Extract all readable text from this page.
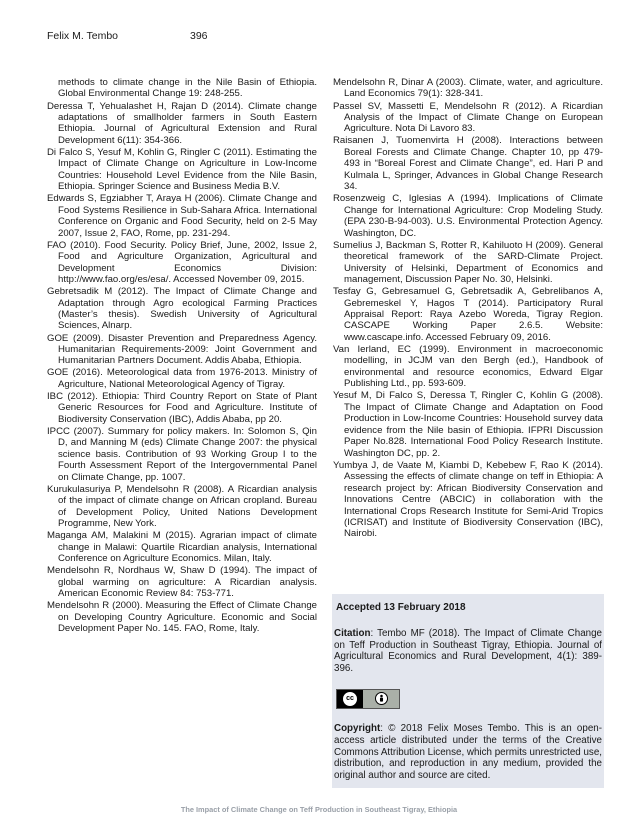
Felix M. Tembo	396

methods to climate change in the Nile Basin of Ethiopia. Global Environmental Change 19: 248-255.

Deressa T, Yehualashet H, Rajan D (2014). Climate change adaptations of smallholder farmers in South Eastern Ethiopia. Journal of Agricultural Extension and Rural Development 6(11): 354-366.

Di Falco S, Yesuf M, Kohlin G, Ringler C (2011). Estimating the Impact of Climate Change on Agriculture in Low-Income Countries: Household Level Evidence from the Nile Basin, Ethiopia. Springer Science and Business Media B.V.

Edwards S, Egziabher T, Araya H (2006). Climate Change and Food Systems Resilience in Sub-Sahara Africa. International Conference on Organic and Food Security, held on 2-5 May 2007, Issue 2, FAO, Rome, pp. 231-294.

FAO (2010). Food Security. Policy Brief, June, 2002, Issue 2, Food and Agriculture Organization, Agricultural and Development Economics Division: http://www.fao.org/es/esa/. Accessed November 09, 2015.

Gebretsadik M (2012). The Impact of Climate Change and Adaptation through Agro ecological Farming Practices (Master’s thesis). Swedish University of Agricultural Sciences, Alnarp.

GOE (2009). Disaster Prevention and Preparedness Agency. Humanitarian Requirements-2009: Joint Government and Humanitarian Partners Document. Addis Ababa, Ethiopia.

GOE (2016). Meteorological data from 1976-2013. Ministry of Agriculture, National Meteorological Agency of Tigray.

IBC (2012). Ethiopia: Third Country Report on State of Plant Generic Resources for Food and Agriculture. Institute of Biodiversity Conservation (IBC), Addis Ababa, pp 20.

IPCC (2007). Summary for policy makers. In: Solomon S, Qin D, and Manning M (eds) Climate Change 2007: the physical science basis. Contribution of 93 Working Group I to the Fourth Assessment Report of the Intergovernmental Panel on Climate Change, pp. 1007.

Kurukulasuriya P, Mendelsohn R (2008). A Ricardian analysis of the impact of climate change on African cropland. Bureau of Development Policy, United Nations Development Programme, New York.

Maganga AM, Malakini M (2015). Agrarian impact of climate change in Malawi: Quartile Ricardian analysis, International Conference on Agriculture Economics. Milan, Italy.

Mendelsohn R, Nordhaus W, Shaw D (1994). The impact of global warming on agriculture: A Ricardian analysis. American Economic Review 84: 753-771.

Mendelsohn R (2000). Measuring the Effect of Climate Change on Developing Country Agriculture. Economic and Social Development Paper No. 145. FAO, Rome, Italy.

Mendelsohn R, Dinar A (2003). Climate, water, and agriculture. Land Economics 79(1): 328-341.

Passel SV, Massetti E, Mendelsohn R (2012). A Ricardian Analysis of the Impact of Climate Change on European Agriculture. Nota Di Lavoro 83.

Raisanen J, Tuomenvirta H (2008). Interactions between Boreal Forests and Climate Change. Chapter 10, pp 479-493 in “Boreal Forest and Climate Change”, ed. Hari P and Kulmala L, Springer, Advances in Global Change Research 34.

Rosenzweig C, Iglesias A (1994). Implications of Climate Change for International Agriculture: Crop Modeling Study. (EPA 230-B-94-003). U.S. Environmental Protection Agency. Washington, DC.

Sumelius J, Backman S, Rotter R, Kahiluoto H (2009). General theoretical framework of the SARD-Climate Project. University of Helsinki, Department of Economics and management, Discussion Paper No. 30, Helsinki.

Tesfay G, Gebresamuel G, Gebretsadik A, Gebrelibanos A, Gebremeskel Y, Hagos T (2014). Participatory Rural Appraisal Report: Raya Azebo Woreda, Tigray Region. CASCAPE Working Paper 2.6.5. Website: www.cascape.info. Accessed February 09, 2016.

Van Ierland, EC (1999). Environment in macroeconomic modelling, in JCJM van den Bergh (ed.), Handbook of environmental and resource economics, Edward Elgar Publishing Ltd., pp. 593-609.

Yesuf M, Di Falco S, Deressa T, Ringler C, Kohlin G (2008). The Impact of Climate Change and Adaptation on Food Production in Low-Income Countries: Household survey data evidence from the Nile basin of Ethiopia. IFPRI Discussion Paper No.828. International Food Policy Research Institute. Washington DC, pp. 2.

Yumbya J, de Vaate M, Kiambi D, Kebebew F, Rao K (2014). Assessing the effects of climate change on teff in Ethiopia: A research project by: African Biodiversity Conservation and Innovations Centre (ABCIC) in collaboration with the International Crops Research Institute for Semi-Arid Tropics (ICRISAT) and Institute of Biodiversity Conservation (IBC), Nairobi.

Accepted 13 February 2018

Citation: Tembo MF (2018). The Impact of Climate Change on Teff Production in Southeast Tigray, Ethiopia. Journal of Agricultural Economics and Rural Development, 4(1): 389-396.

cc

Copyright: © 2018 Felix Moses Tembo. This is an open-access article distributed under the terms of the Creative Commons Attribution License, which permits unrestricted use, distribution, and reproduction in any medium, provided the original author and source are cited.

The Impact of Climate Change on Teff Production in Southeast Tigray, Ethiopia
